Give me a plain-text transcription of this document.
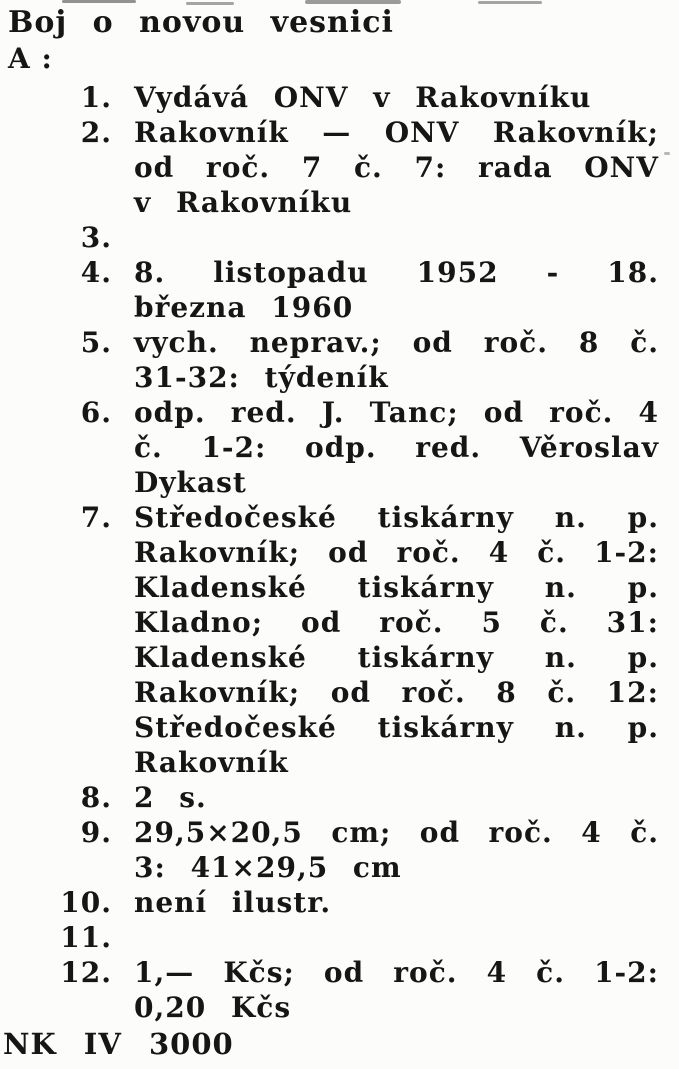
Boj o novou vesnici
A :
1. Vydává ONV v Rakovníku
2. Rakovník — ONV Rakovník; od roč. 7 č. 7: rada ONV v Rakovníku
3.
4. 8. listopadu 1952 - 18. března 1960
5. vych. neprav.; od roč. 8 č. 31-32: týdeník
6. odp. red. J. Tanc; od roč. 4 č. 1-2: odp. red. Věroslav Dykast
7. Středočeské tiskárny n. p. Rakovník; od roč. 4 č. 1-2: Kladenské tiskárny n. p. Kladno; od roč. 5 č. 31: Kladenské tiskárny n. p. Rakovník; od roč. 8 č. 12: Středočeské tiskárny n. p. Rakovník
8. 2 s.
9. 29,5×20,5 cm; od roč. 4 č. 3: 41×29,5 cm
10. není ilustr.
11.
12. 1,— Kčs; od roč. 4 č. 1-2: 0,20 Kčs
NK IV 3000
